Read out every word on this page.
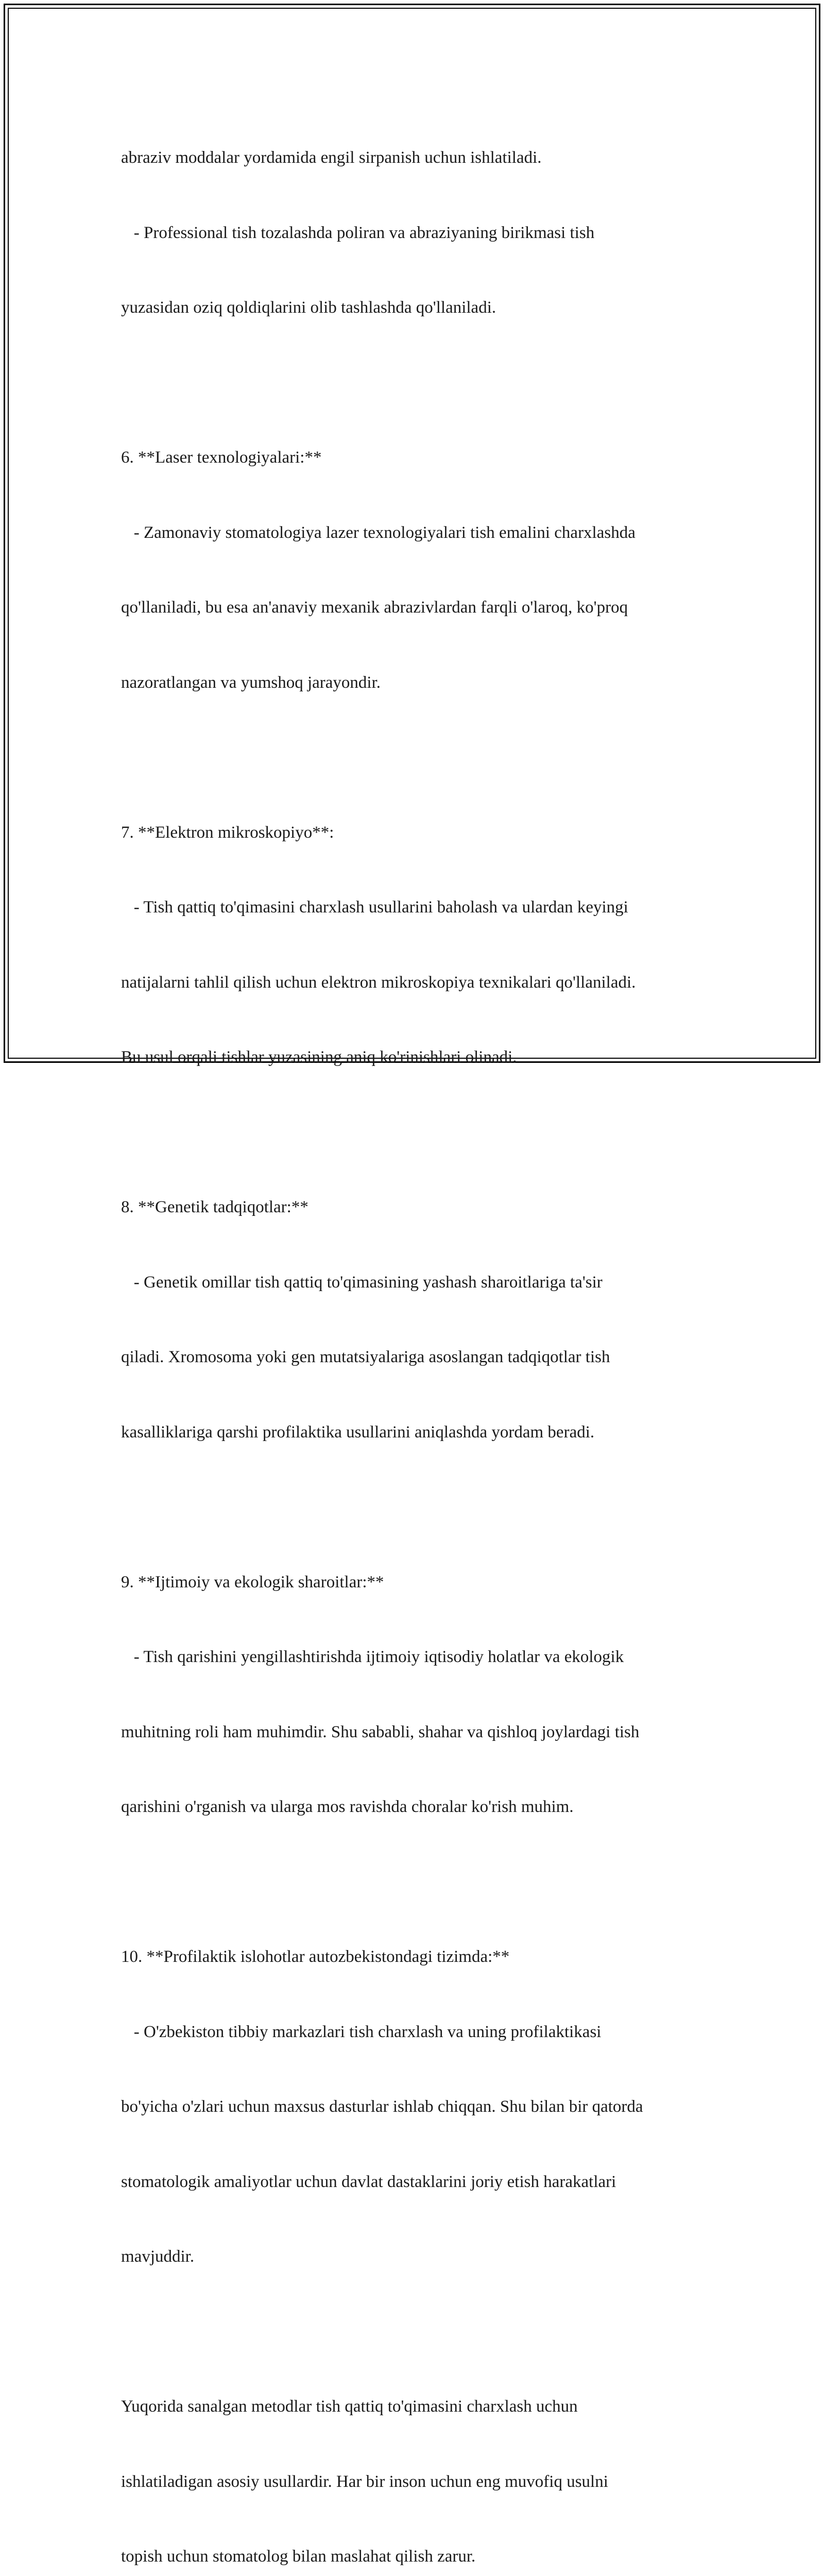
abraziv moddalar yordamida engil sirpanish uchun ishlatiladi.

- Professional tish tozalashda poliran va abraziyaning birikmasi tish

yuzasidan oziq qoldiqlarini olib tashlashda qo'llaniladi.

6. **Laser texnologiyalari:**

- Zamonaviy stomatologiya lazer texnologiyalari tish emalini charxlashda

qo'llaniladi, bu esa an'anaviy mexanik abrazivlardan farqli o'laroq, ko'proq

nazoratlangan va yumshoq jarayondir.

7. **Elektron mikroskopiyo**:

- Tish qattiq to'qimasini charxlash usullarini baholash va ulardan keyingi

natijalarni tahlil qilish uchun elektron mikroskopiya texnikalari qo'llaniladi.

Bu usul orqali tishlar yuzasining aniq ko'rinishlari olinadi.

8. **Genetik tadqiqotlar:**

- Genetik omillar tish qattiq to'qimasining yashash sharoitlariga ta'sir

qiladi. Xromosoma yoki gen mutatsiyalariga asoslangan tadqiqotlar tish

kasalliklariga qarshi profilaktika usullarini aniqlashda yordam beradi.

9. **Ijtimoiy va ekologik sharoitlar:**

- Tish qarishini yengillashtirishda ijtimoiy iqtisodiy holatlar va ekologik

muhitning roli ham muhimdir. Shu sababli, shahar va qishloq joylardagi tish

qarishini o'rganish va ularga mos ravishda choralar ko'rish muhim.

10. **Profilaktik islohotlar autozbekistondagi tizimda:**

- O'zbekiston tibbiy markazlari tish charxlash va uning profilaktikasi

bo'yicha o'zlari uchun maxsus dasturlar ishlab chiqqan. Shu bilan bir qatorda

stomatologik amaliyotlar uchun davlat dastaklarini joriy etish harakatlari

mavjuddir.

Yuqorida sanalgan metodlar tish qattiq to'qimasini charxlash uchun

ishlatiladigan asosiy usullardir. Har bir inson uchun eng muvofiq usulni

topish uchun stomatolog bilan maslahat qilish zarur.
